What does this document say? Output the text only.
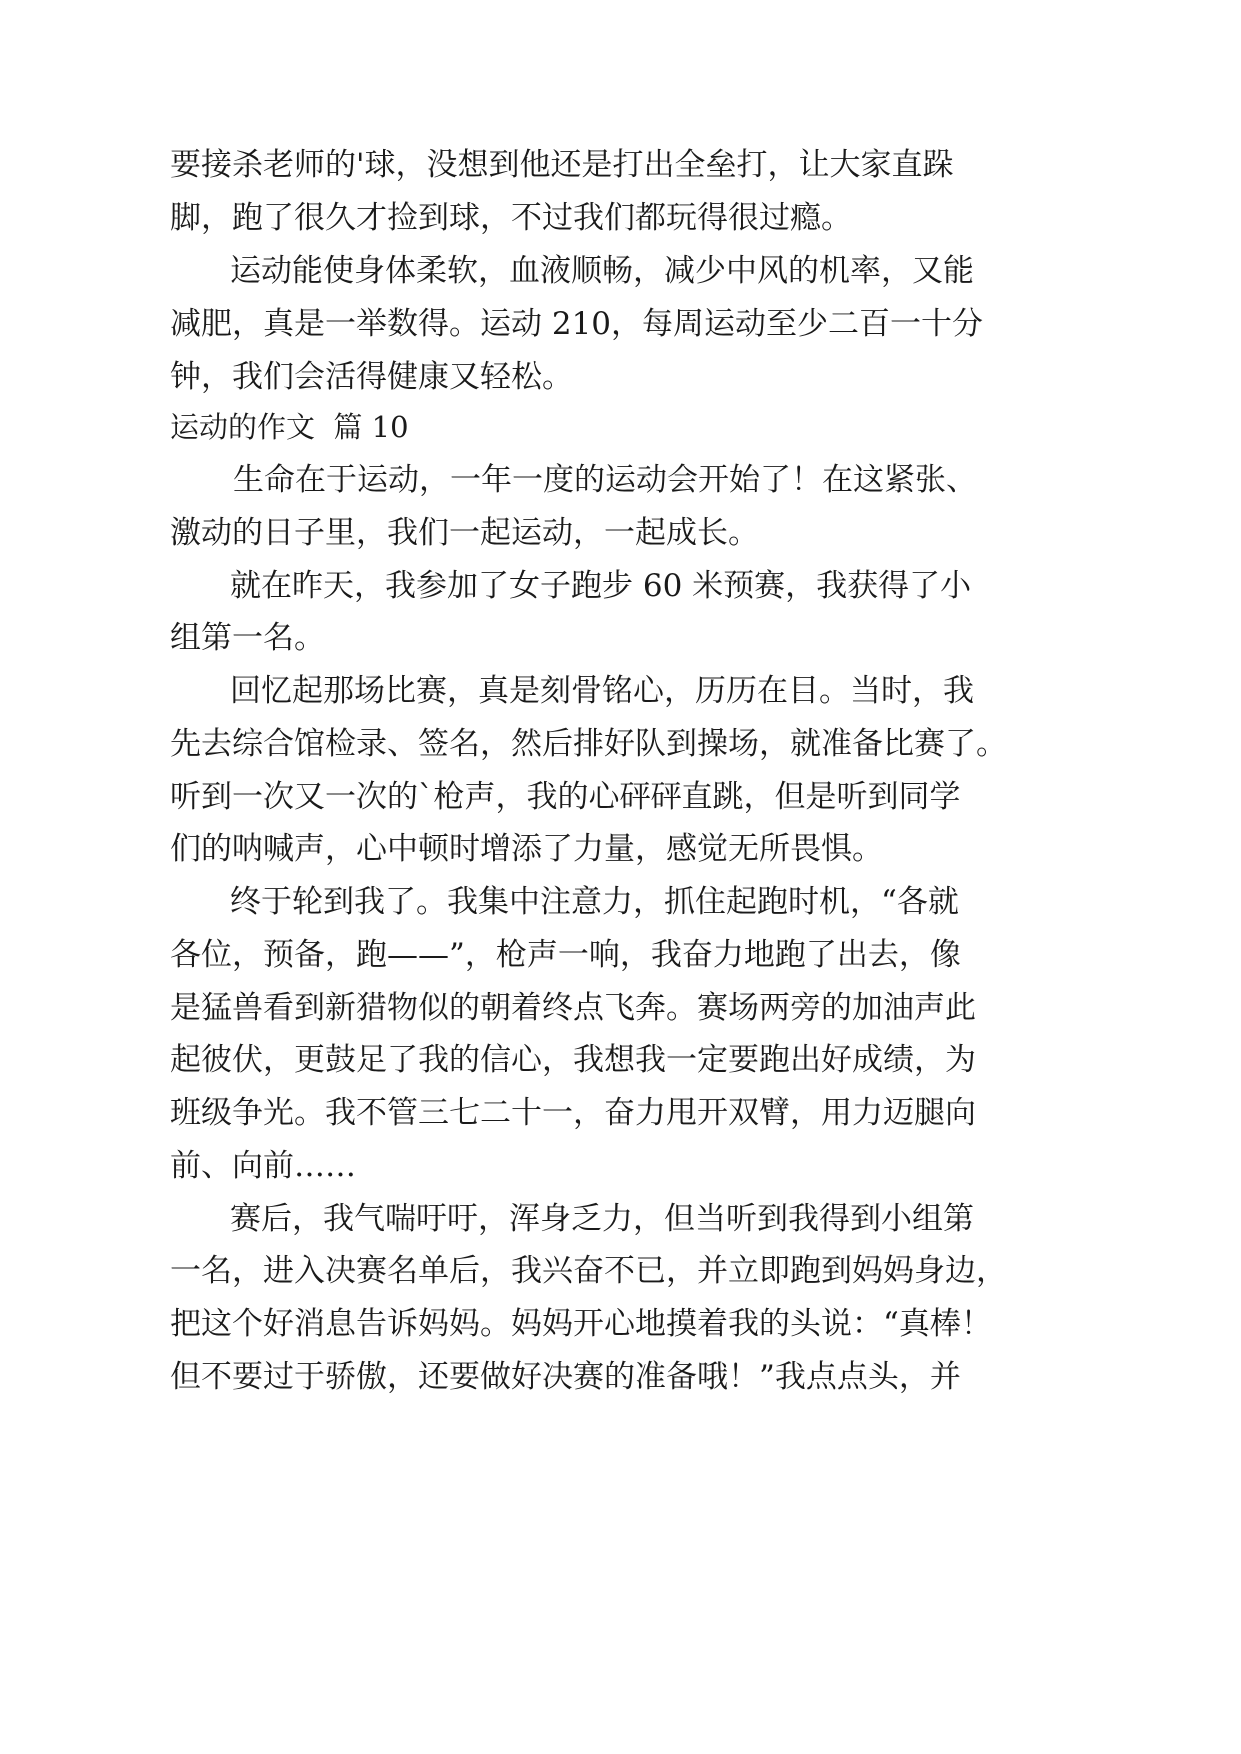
要接杀老师的'球，没想到他还是打出全垒打，让大家直跺

脚，跑了很久才捡到球，不过我们都玩得很过瘾。

运动能使身体柔软，血液顺畅，减少中风的机率，又能

减肥，真是一举数得。运动 210，每周运动至少二百一十分

钟，我们会活得健康又轻松。

运动的作文  篇 10

生命在于运动，一年一度的运动会开始了！在这紧张、

激动的日子里，我们一起运动，一起成长。

就在昨天，我参加了女子跑步 60 米预赛，我获得了小

组第一名。

回忆起那场比赛，真是刻骨铭心，历历在目。当时，我

先去综合馆检录、签名，然后排好队到操场，就准备比赛了。

听到一次又一次的`枪声，我的心砰砰直跳，但是听到同学

们的呐喊声，心中顿时增添了力量，感觉无所畏惧。

终于轮到我了。我集中注意力，抓住起跑时机，“各就

各位，预备，跑——”，枪声一响，我奋力地跑了出去，像

是猛兽看到新猎物似的朝着终点飞奔。赛场两旁的加油声此

起彼伏，更鼓足了我的信心，我想我一定要跑出好成绩，为

班级争光。我不管三七二十一，奋力甩开双臂，用力迈腿向

前、向前……

赛后，我气喘吁吁，浑身乏力，但当听到我得到小组第

一名，进入决赛名单后，我兴奋不已，并立即跑到妈妈身边，

把这个好消息告诉妈妈。妈妈开心地摸着我的头说：“真棒！

但不要过于骄傲，还要做好决赛的准备哦！”我点点头，并
